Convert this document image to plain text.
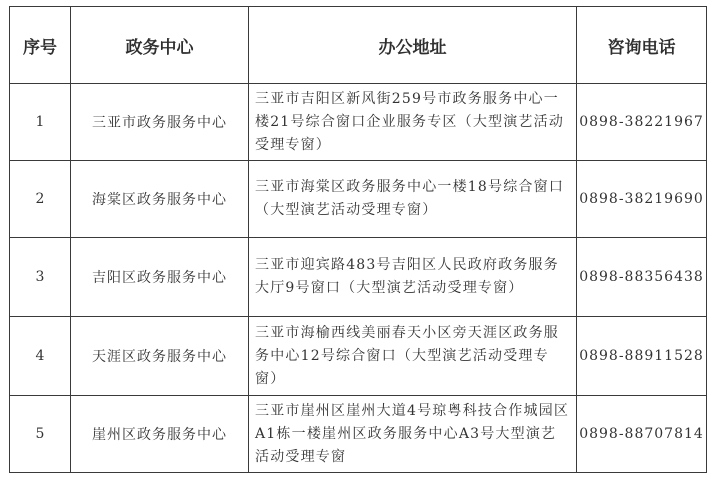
序号	政务中心	办公地址	咨询电话
1	三亚市政务服务中心	三亚市吉阳区新风街259号市政务服务中心一楼21号综合窗口企业服务专区（大型演艺活动受理专窗）	0898-38221967
2	海棠区政务服务中心	三亚市海棠区政务服务中心一楼18号综合窗口（大型演艺活动受理专窗）	0898-38219690
3	吉阳区政务服务中心	三亚市迎宾路483号吉阳区人民政府政务服务大厅9号窗口（大型演艺活动受理专窗）	0898-88356438
4	天涯区政务服务中心	三亚市海榆西线美丽春天小区旁天涯区政务服务中心12号综合窗口（大型演艺活动受理专窗）	0898-88911528
5	崖州区政务服务中心	三亚市崖州区崖州大道4号琼粤科技合作城园区A1栋一楼崖州区政务服务中心A3号大型演艺活动受理专窗	0898-88707814
